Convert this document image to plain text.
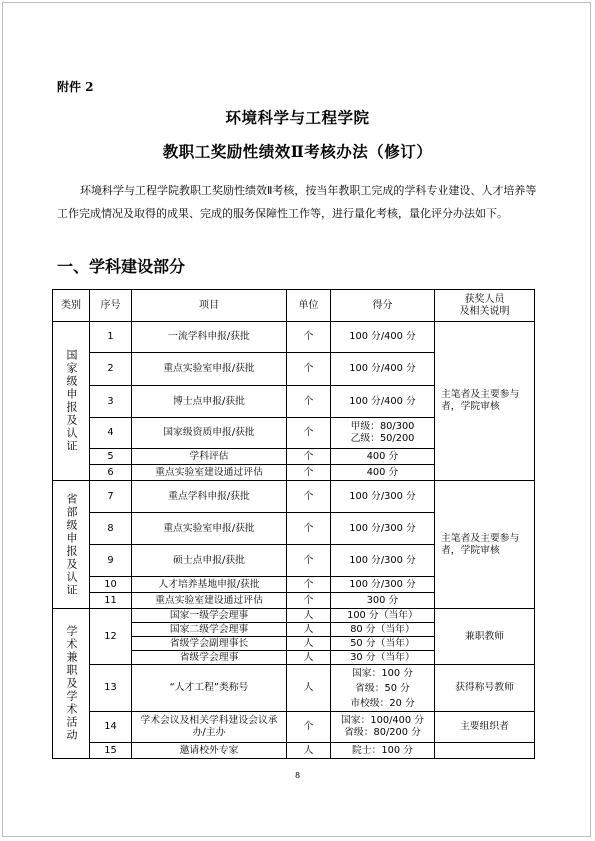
附件 2
环境科学与工程学院
教职工奖励性绩效Ⅱ考核办法（修订）
环境科学与工程学院教职工奖励性绩效Ⅱ考核，按当年教职工完成的学科专业建设、人才培养等工作完成情况及取得的成果、完成的服务保障性工作等，进行量化考核，量化评分办法如下。
一、学科建设部分
类别	序号	项目	单位	得分	获奖人员
及相关说明

国家级申报及认证	1	一流学科申报/获批	个	100 分/400 分	主笔者及主要参与者，学院审核
	2	重点实验室申报/获批	个	100 分/400 分	
	3	博士点申报/获批	个	100 分/400 分	
	4	国家级资质申报/获批	个	甲级：80/300
乙级：50/200	
	5	学科评估	个	400 分	
	6	重点实验室建设通过评估	个	400 分	

省部级申报及认证	7	重点学科申报/获批	个	100 分/300 分	主笔者及主要参与者，学院审核
	8	重点实验室申报/获批	个	100 分/300 分	
	9	硕士点申报/获批	个	100 分/300 分	
	10	人才培养基地申报/获批	个	100 分/300 分	
	11	重点实验室建设通过评估	个	300 分	

学术兼职及学术活动	12	国家一级学会理事	人	100 分（当年）	兼职教师
		国家二级学会理事	人	80 分（当年）	
		省级学会副理事长	人	50 分（当年）	
		省级学会理事	人	30 分（当年）	
	13	“人才工程”类称号	人	国家：100 分
省级：50 分
市校级：20 分	获得称号教师
	14	学术会议及相关学科建设会议承办/主办	个	国家：100/400 分
省级：80/200 分	主要组织者
	15	邀请校外专家	人	院士：100 分	
8
